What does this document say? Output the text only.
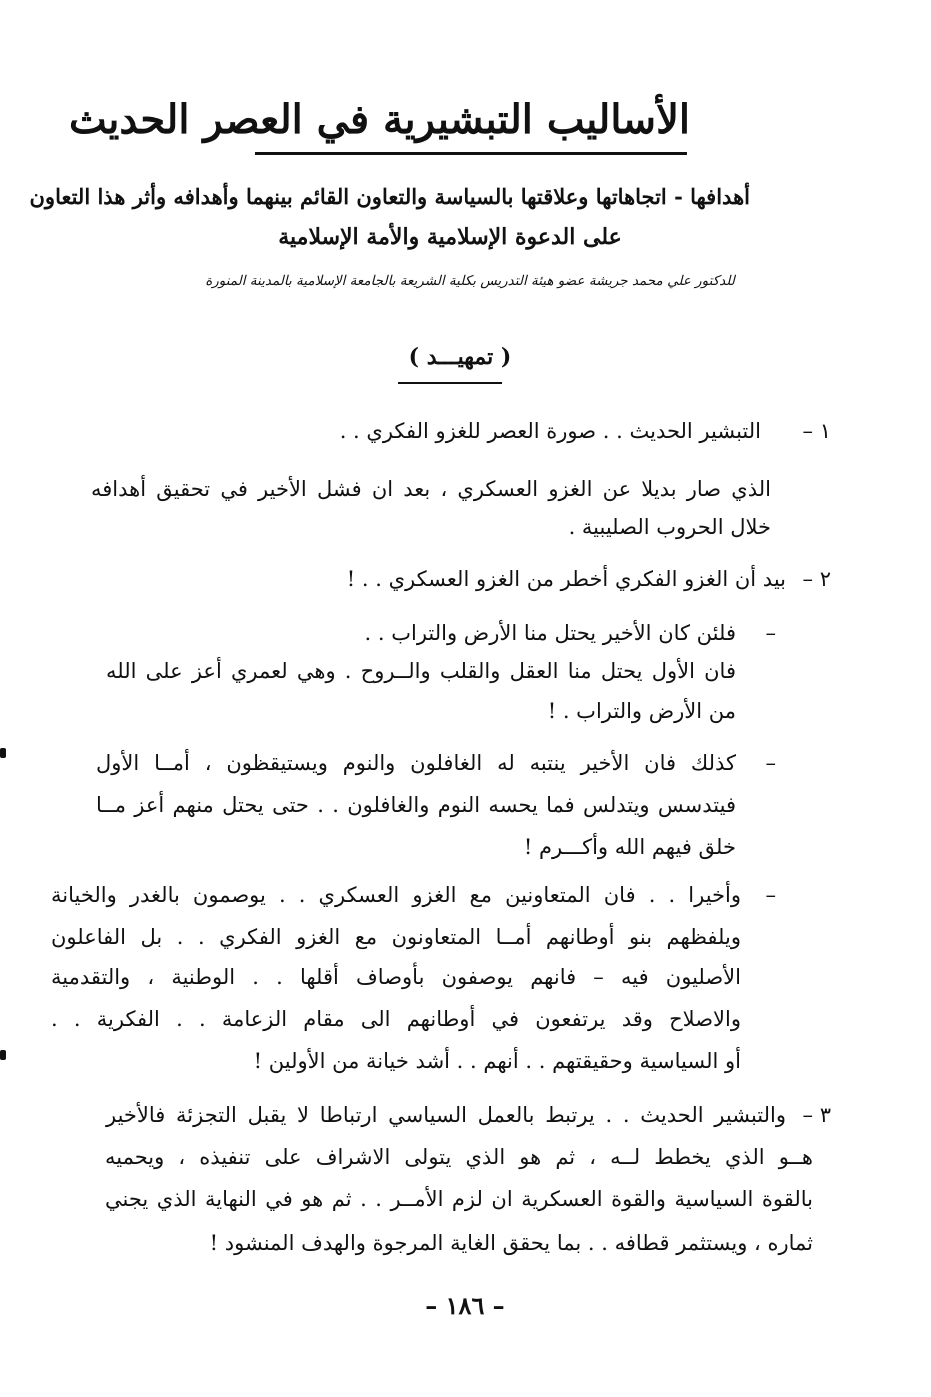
الأساليب التبشيرية في العصر الحديث
أهدافها - اتجاهاتها وعلاقتها بالسياسة والتعاون القائم بينهما وأهدافه وأثر هذا التعاون
على الدعوة الإسلامية والأمة الإسلامية
للدكتور علي محمد جريشة عضو هيئة التدريس بكلية الشريعة بالجامعة الإسلامية بالمدينة المنورة
( تمهيـــد )
١ –
التبشير الحديث . . صورة العصر للغزو الفكري . .
الذي صار بديلا عن الغزو العسكري ، بعد ان فشل الأخير في تحقيق أهدافه
خلال الحروب الصليبية .
٢ –
بيد أن الغزو الفكري أخطر من الغزو العسكري . . !
–
فلئن كان الأخير يحتل منا الأرض والتراب . .
فان الأول يحتل منا العقل والقلب والــروح . وهي لعمري أعز على الله
من الأرض والتراب . !
–
كذلك فان الأخير ينتبه له الغافلون والنوم ويستيقظون ، أمــا الأول
فيتدسس ويتدلس فما يحسه النوم والغافلون . . حتى يحتل منهم أعز مــا
خلق فيهم الله وأكـــرم !
–
وأخيرا . . فان المتعاونين مع الغزو العسكري . . يوصمون بالغدر والخيانة
ويلفظهم بنو أوطانهم أمــا المتعاونون مع الغزو الفكري . . بل الفاعلون
الأصليون فيه – فانهم يوصفون بأوصاف أقلها . . الوطنية ، والتقدمية
والاصلاح وقد يرتفعون في أوطانهم الى مقام الزعامة . . الفكرية . .
أو السياسية وحقيقتهم . . أنهم . . أشد خيانة من الأولين !
٣ –
والتبشير الحديث . . يرتبط بالعمل السياسي ارتباطا لا يقبل التجزئة فالأخير
هــو الذي يخطط لــه ، ثم هو الذي يتولى الاشراف على تنفيذه ، ويحميه
بالقوة السياسية والقوة العسكرية ان لزم الأمــر . . ثم هو في النهاية الذي يجني
ثماره ، ويستثمر قطافه . . بما يحقق الغاية المرجوة والهدف المنشود !
– ١٨٦ –
